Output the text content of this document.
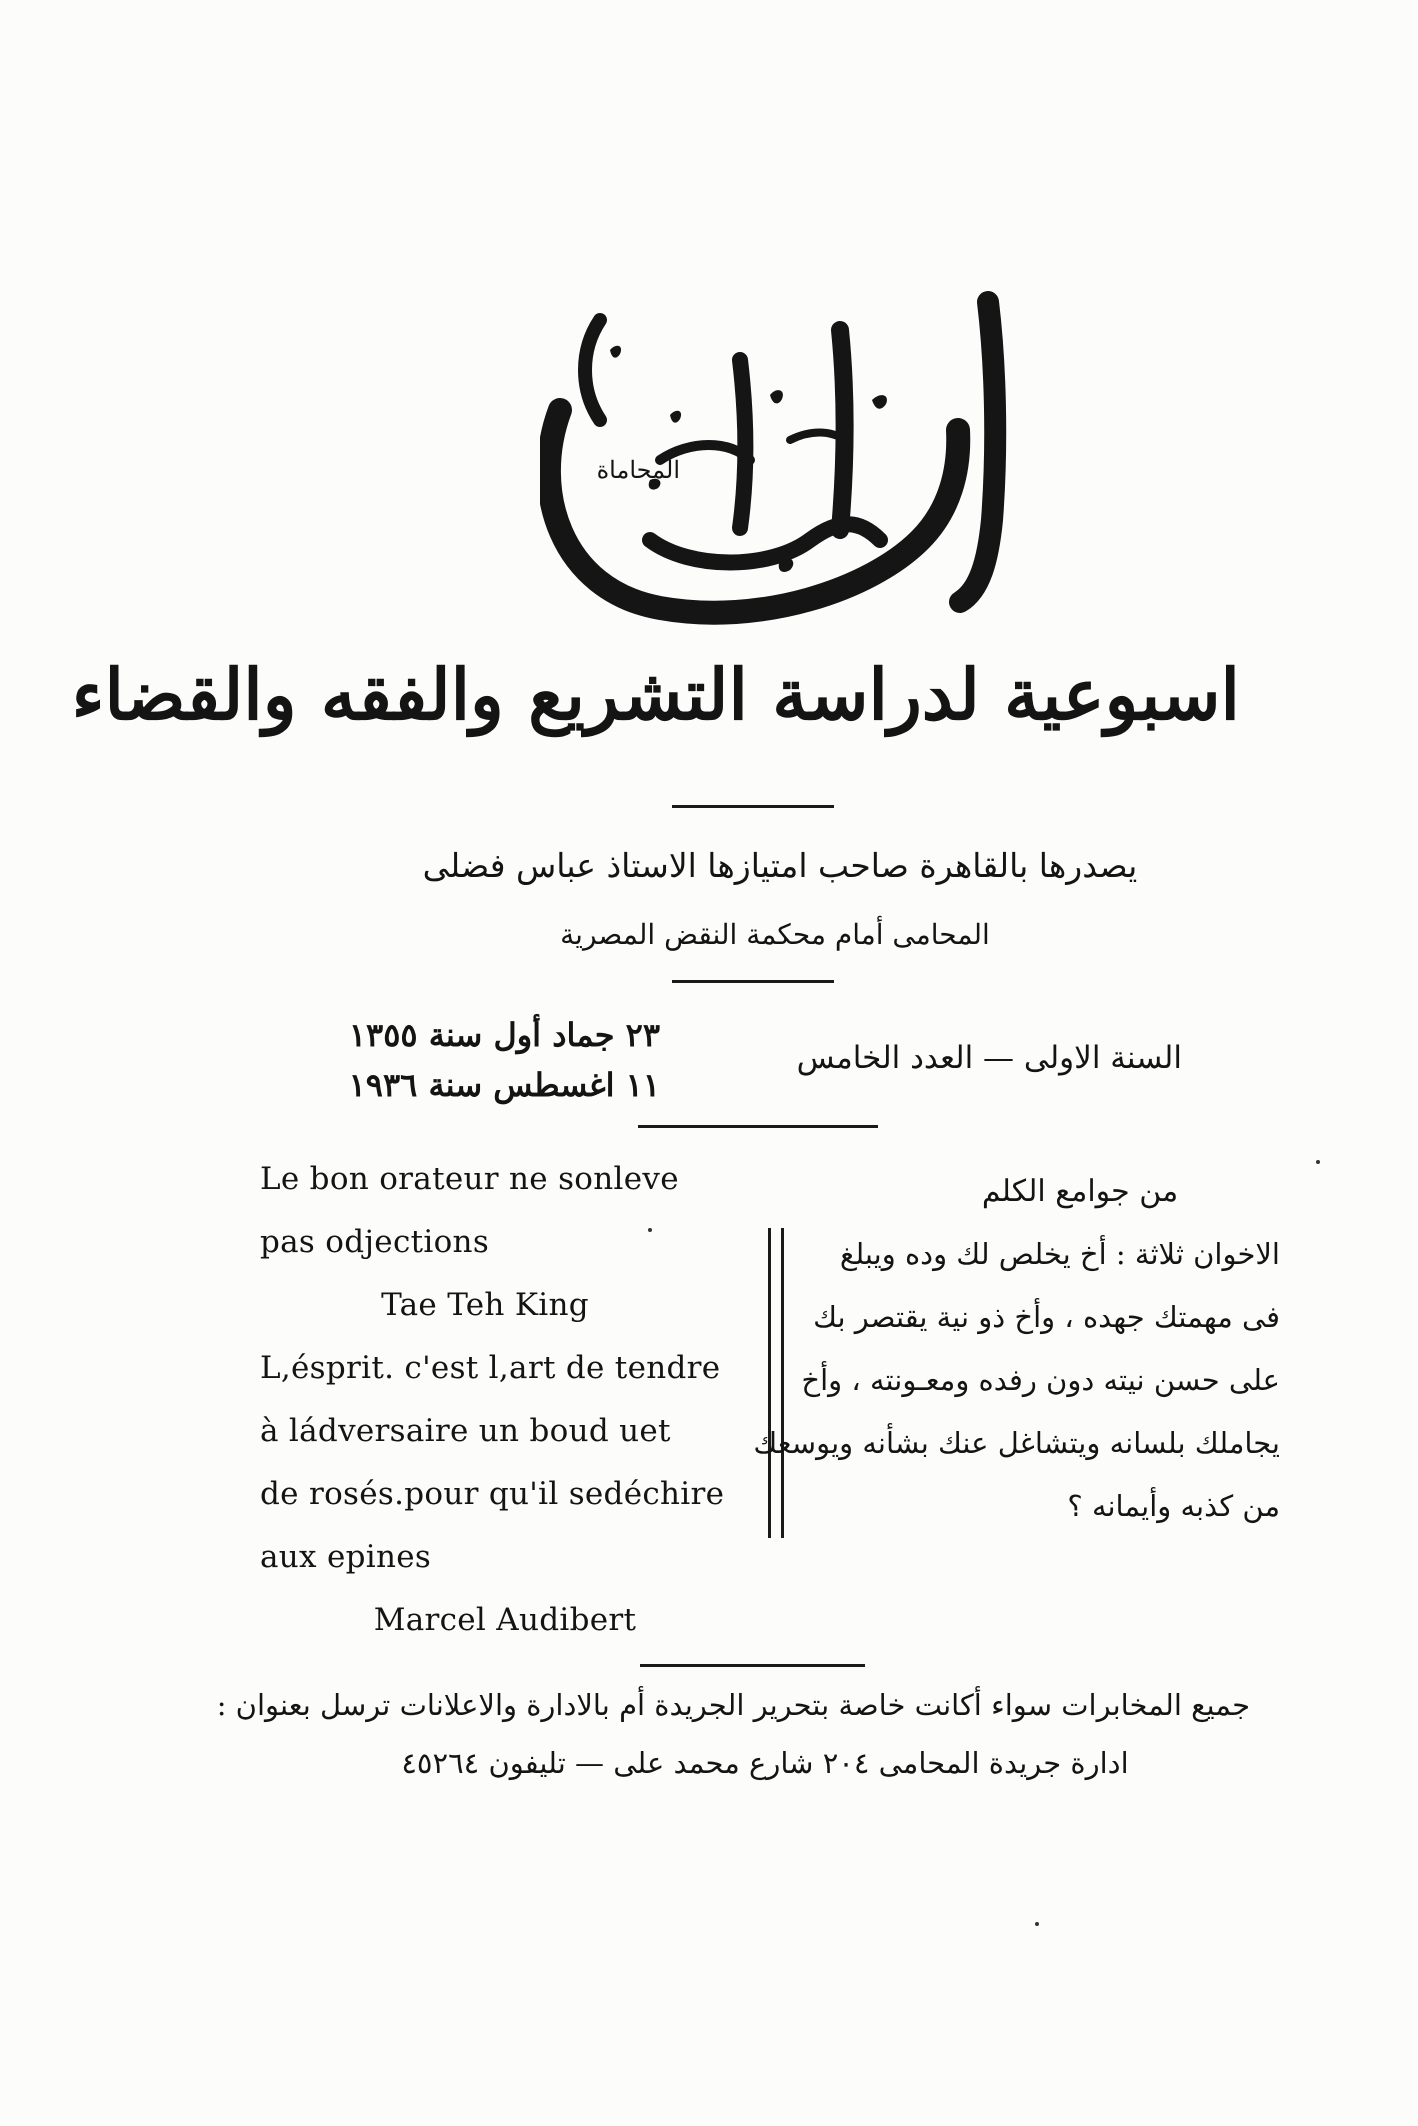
المحاماة
اسبوعية لدراسة التشريع والفقه والقضاء
يصدرها بالقاهرة صاحب امتيازها الاستاذ عباس فضلى
المحامى أمام محكمة النقض المصرية
السنة الاولى — العدد الخامس
٢٣ جماد أول سنة ١٣٥٥
١١ اغسطس سنة ١٩٣٦
Le bon orateur ne sonleve
pas odjections
Tae Teh King
L,ésprit. c'est l,art de tendre
à ládversaire un boud uet
de rosés.pour qu'il sedéchire
aux epines
Marcel Audibert
من جوامع الكلم
الاخوان ثلاثة : أخ يخلص لك وده ويبلغ
فى مهمتك جهده ، وأخ ذو نية يقتصر بك
على حسن نيته دون رفده ومعـونته ، وأخ
يجاملك بلسانه ويتشاغل عنك بشأنه ويوسعك
من كذبه وأيمانه ؟
جميع المخابرات سواء أكانت خاصة بتحرير الجريدة أم بالادارة والاعلانات ترسل بعنوان :
ادارة جريدة المحامى ٢٠٤ شارع محمد على — تليفون ٤٥٢٦٤
